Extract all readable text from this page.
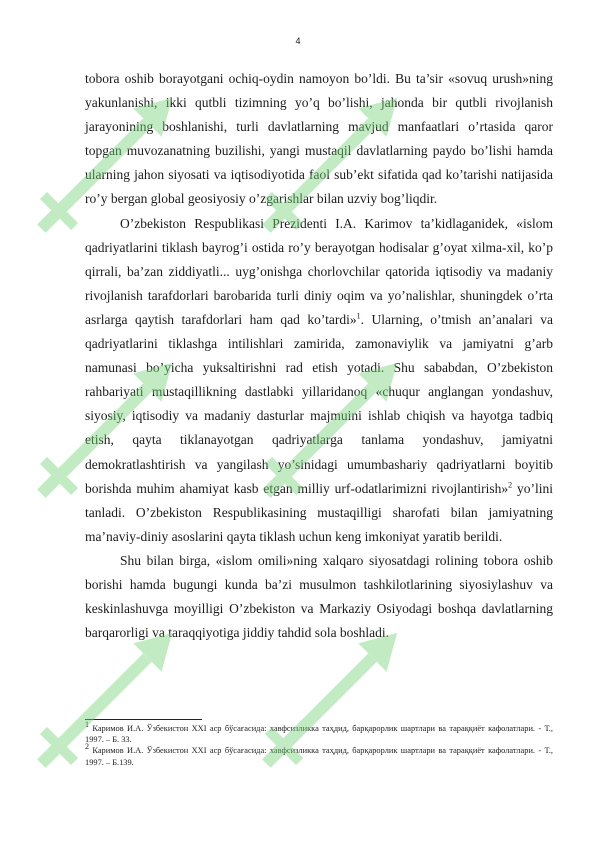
4

tobora oshib borayotgani ochiq-oydin namoyon bo’ldi. Bu ta’sir «sovuq urush»ning yakunlanishi, ikki qutbli tizimning yo’q bo’lishi, jahonda bir qutbli rivojlanish jarayonining boshlanishi, turli davlatlarning mavjud manfaatlari o’rtasida qaror topgan muvozanatning buzilishi, yangi mustaqil davlatlarning paydo bo’lishi hamda ularning jahon siyosati va iqtisodiyotida faol sub’ekt sifatida qad ko’tarishi natijasida ro’y bergan global geosiyosiy o’zgarishlar bilan uzviy bog’liqdir.

O’zbekiston Respublikasi Prezidenti I.A. Karimov ta’kidlaganidek, «islom qadriyatlarini tiklash bayrog’i ostida ro’y berayotgan hodisalar g’oyat xilma-xil, ko’p qirrali, ba’zan ziddiyatli... uyg’onishga chorlovchilar qatorida iqtisodiy va madaniy rivojlanish tarafdorlari barobarida turli diniy oqim va yo’nalishlar, shuningdek o’rta asrlarga qaytish tarafdorlari ham qad ko’tardi»$^1$. Ularning, o’tmish an’analari va qadriyatlarini tiklashga intilishlari zamirida, zamonaviylik va jamiyatni g’arb namunasi bo’yicha yuksaltirishni rad etish yotadi. Shu sababdan, O’zbekiston rahbariyati mustaqillikning dastlabki yillaridanoq «chuqur anglangan yondashuv, siyosiy, iqtisodiy va madaniy dasturlar majmuini ishlab chiqish va hayotga tadbiq etish, qayta tiklanayotgan qadriyatlarga tanlama yondashuv, jamiyatni demokratlashtirish va yangilash yo’sinidagi umumbashariy qadriyatlarni boyitib borishda muhim ahamiyat kasb etgan milliy urf-odatlarimizni rivojlantirish»$^2$ yo’lini tanladi. O’zbekiston Respublikasining mustaqilligi sharofati bilan jamiyatning ma’naviy-diniy asoslarini qayta tiklash uchun keng imkoniyat yaratib berildi.

Shu bilan birga, «islom omili»ning xalqaro siyosatdagi rolining tobora oshib borishi hamda bugungi kunda ba’zi musulmon tashkilotlarining siyosiylashuv va keskinlashuvga moyilligi O’zbekiston va Markaziy Osiyodagi boshqa davlatlarning barqarorligi va taraqqiyotiga jiddiy tahdid sola boshladi.

$^1$ Каримов И.А. Ўзбекистон XXI аср бўсағасида: хавфсизликка таҳдид, барқарорлик шартлари ва тараққиёт кафолатлари. - Т., 1997. – Б. 33.

$^2$ Каримов И.А. Ўзбекистон XXI аср бўсағасида: хавфсизликка таҳдид, барқарорлик шартлари ва тараққиёт кафолатлари. - Т., 1997. – Б.139.
